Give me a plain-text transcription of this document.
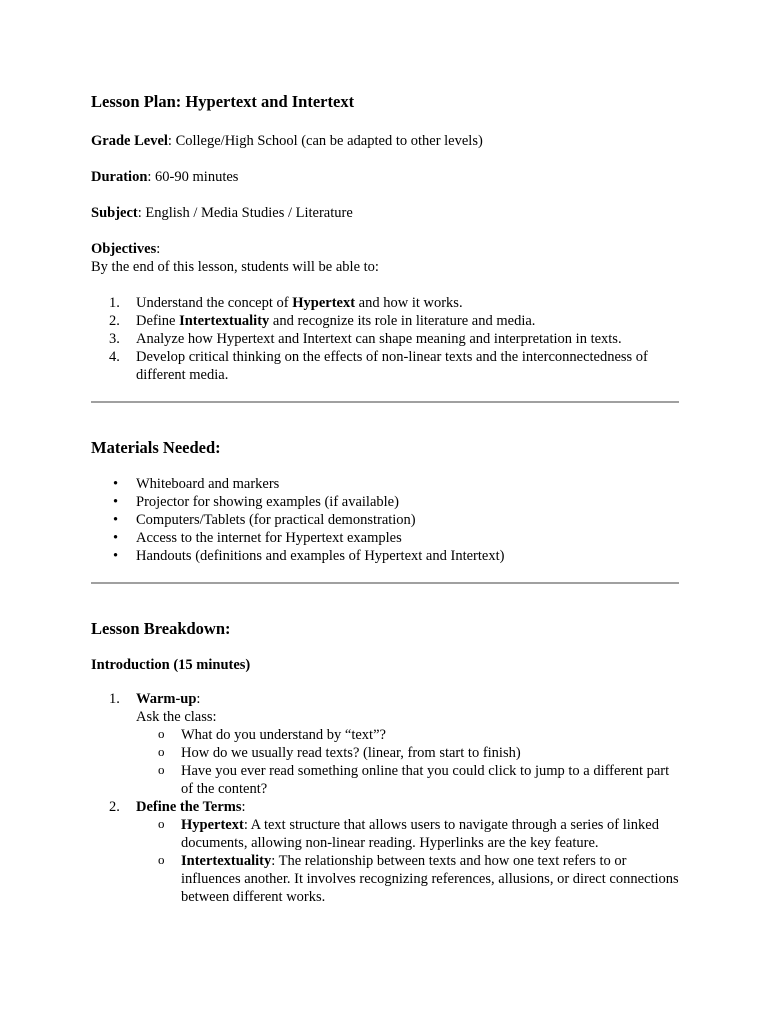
Lesson Plan: Hypertext and Intertext

Grade Level: College/High School (can be adapted to other levels)

Duration: 60-90 minutes

Subject: English / Media Studies / Literature

Objectives:

By the end of this lesson, students will be able to:

1.	Understand the concept of Hypertext and how it works.
2.	Define Intertextuality and recognize its role in literature and media.
3.	Analyze how Hypertext and Intertext can shape meaning and interpretation in texts.
4.	Develop critical thinking on the effects of non-linear texts and the interconnectedness of different media.
Materials Needed:
• Whiteboard and markers
• Projector for showing examples (if available)
• Computers/Tablets (for practical demonstration)
• Access to the internet for Hypertext examples
• Handouts (definitions and examples of Hypertext and Intertext)
Lesson Breakdown:
Introduction (15 minutes)
1.	Warm-up:
Ask the class:
o	What do you understand by “text”?
o	How do we usually read texts? (linear, from start to finish)
o	Have you ever read something online that you could click to jump to a different part of the content?
2.	Define the Terms:
o	Hypertext: A text structure that allows users to navigate through a series of linked documents, allowing non-linear reading. Hyperlinks are the key feature.
o	Intertextuality: The relationship between texts and how one text refers to or influences another. It involves recognizing references, allusions, or direct connections between different works.
